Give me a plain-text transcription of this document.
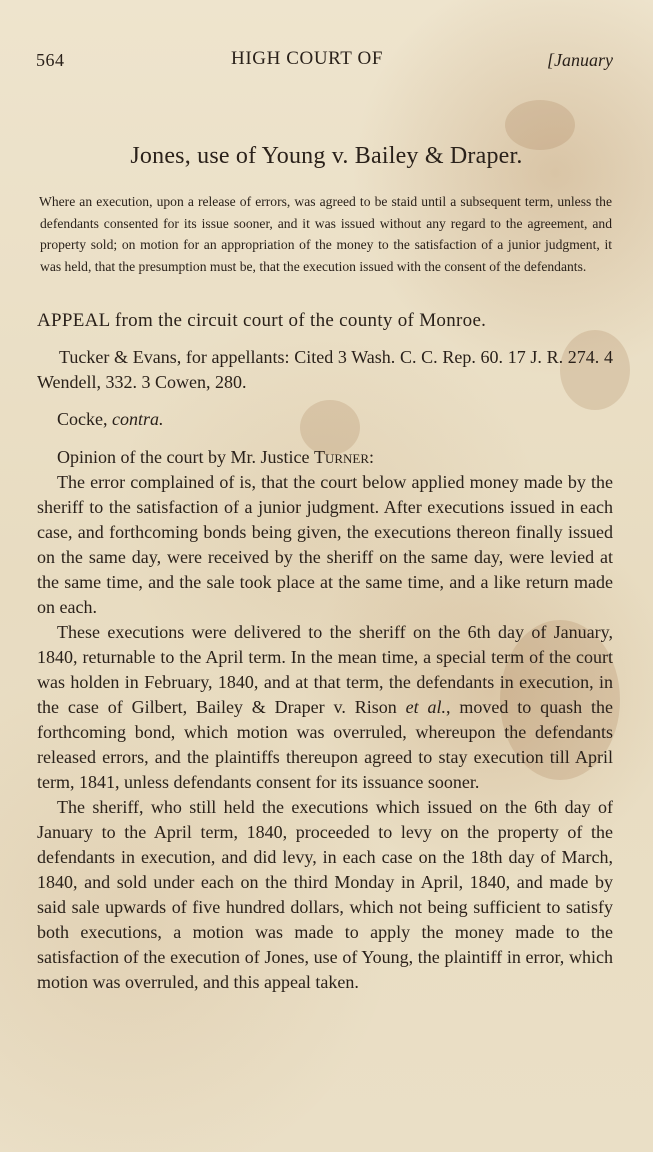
564	HIGH COURT OF	[January
Jones, use of Young v. Bailey & Draper.
Where an execution, upon a release of errors, was agreed to be staid until a subsequent term, unless the defendants consented for its issue sooner, and it was issued without any regard to the agreement, and property sold; on motion for an appropriation of the money to the satisfaction of a junior judgment, it was held, that the presumption must be, that the execution issued with the consent of the defendants.
APPEAL from the circuit court of the county of Monroe.
Tucker & Evans, for appellants: Cited 3 Wash. C. C. Rep. 60. 17 J. R. 274. 4 Wendell, 332. 3 Cowen, 280.
Cocke, contra.
Opinion of the court by Mr. Justice Turner:

The error complained of is, that the court below applied money made by the sheriff to the satisfaction of a junior judgment. After executions issued in each case, and forthcoming bonds being given, the executions thereon finally issued on the same day, were received by the sheriff on the same day, were levied at the same time, and the sale took place at the same time, and a like return made on each.

These executions were delivered to the sheriff on the 6th day of January, 1840, returnable to the April term. In the mean time, a special term of the court was holden in February, 1840, and at that term, the defendants in execution, in the case of Gilbert, Bailey & Draper v. Rison et al., moved to quash the forthcoming bond, which motion was overruled, whereupon the defendants released errors, and the plaintiffs thereupon agreed to stay execution till April term, 1841, unless defendants consent for its issuance sooner.

The sheriff, who still held the executions which issued on the 6th day of January to the April term, 1840, proceeded to levy on the property of the defendants in execution, and did levy, in each case on the 18th day of March, 1840, and sold under each on the third Monday in April, 1840, and made by said sale upwards of five hundred dollars, which not being sufficient to satisfy both executions, a motion was made to apply the money made to the satisfaction of the execution of Jones, use of Young, the plaintiff in error, which motion was overruled, and this appeal taken.
